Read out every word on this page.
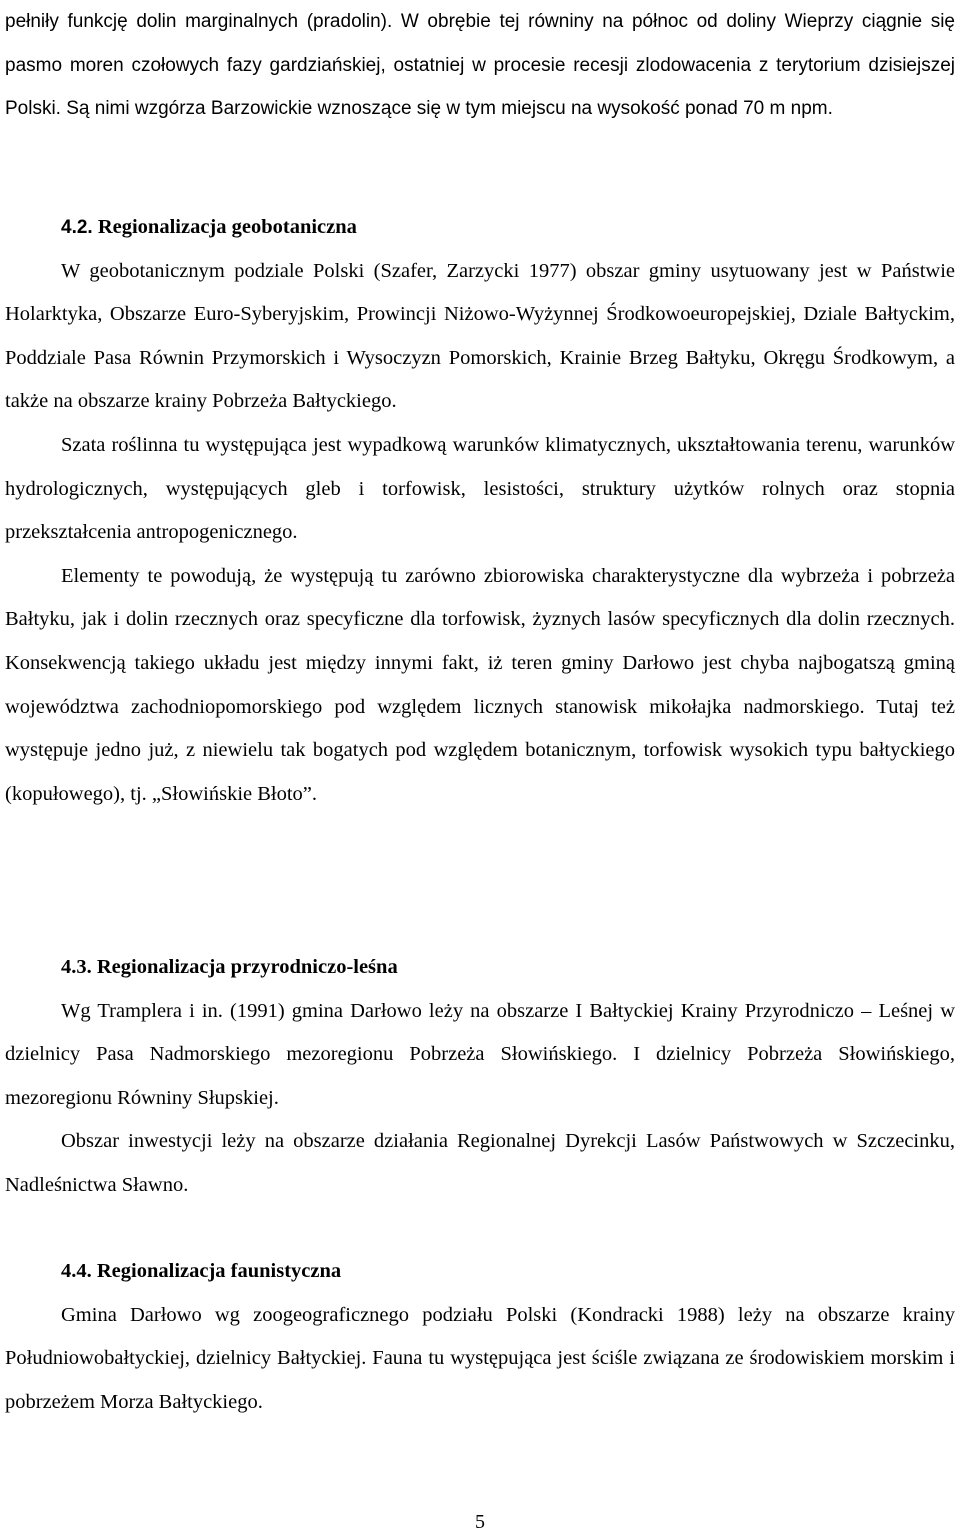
pełniły funkcję dolin marginalnych (pradolin). W obrębie tej równiny na północ od doliny Wieprzy ciągnie się pasmo moren czołowych fazy gardziańskiej, ostatniej w procesie recesji zlodowacenia z terytorium dzisiejszej Polski. Są nimi wzgórza Barzowickie wznoszące się w tym miejscu na wysokość ponad 70 m npm.

4.2. Regionalizacja geobotaniczna

W geobotanicznym podziale Polski (Szafer, Zarzycki 1977) obszar gminy usytuowany jest w Państwie Holarktyka, Obszarze Euro-Syberyjskim, Prowincji Niżowo-Wyżynnej Środkowoeuropejskiej, Dziale Bałtyckim, Poddziale Pasa Równin Przymorskich i Wysoczyzn Pomorskich, Krainie Brzeg Bałtyku, Okręgu Środkowym, a także na obszarze krainy Pobrzeża Bałtyckiego.

Szata roślinna tu występująca jest wypadkową warunków klimatycznych, ukształtowania terenu, warunków hydrologicznych, występujących gleb i torfowisk, lesistości, struktury użytków rolnych oraz stopnia przekształcenia antropogenicznego.

Elementy te powodują, że występują tu zarówno zbiorowiska charakterystyczne dla wybrzeża i pobrzeża Bałtyku, jak i dolin rzecznych oraz specyficzne dla torfowisk, żyznych lasów specyficznych dla dolin rzecznych. Konsekwencją takiego układu jest między innymi fakt, iż teren gminy Darłowo jest chyba najbogatszą gminą województwa zachodniopomorskiego pod względem licznych stanowisk mikołajka nadmorskiego. Tutaj też występuje jedno już, z niewielu tak bogatych pod względem botanicznym, torfowisk wysokich typu bałtyckiego (kopułowego), tj. „Słowińskie Błoto”.

4.3. Regionalizacja przyrodniczo-leśna

Wg Tramplera i in. (1991) gmina Darłowo leży na obszarze I Bałtyckiej Krainy Przyrodniczo – Leśnej w dzielnicy Pasa Nadmorskiego mezoregionu Pobrzeża Słowińskiego. I dzielnicy Pobrzeża Słowińskiego, mezoregionu Równiny Słupskiej.

Obszar inwestycji leży na obszarze działania Regionalnej Dyrekcji Lasów Państwowych w Szczecinku, Nadleśnictwa Sławno.

4.4. Regionalizacja faunistyczna

Gmina Darłowo wg zoogeograficznego podziału Polski (Kondracki 1988) leży na obszarze krainy Południowobałtyckiej, dzielnicy Bałtyckiej. Fauna tu występująca jest ściśle związana ze środowiskiem morskim i pobrzeżem Morza Bałtyckiego.

5
